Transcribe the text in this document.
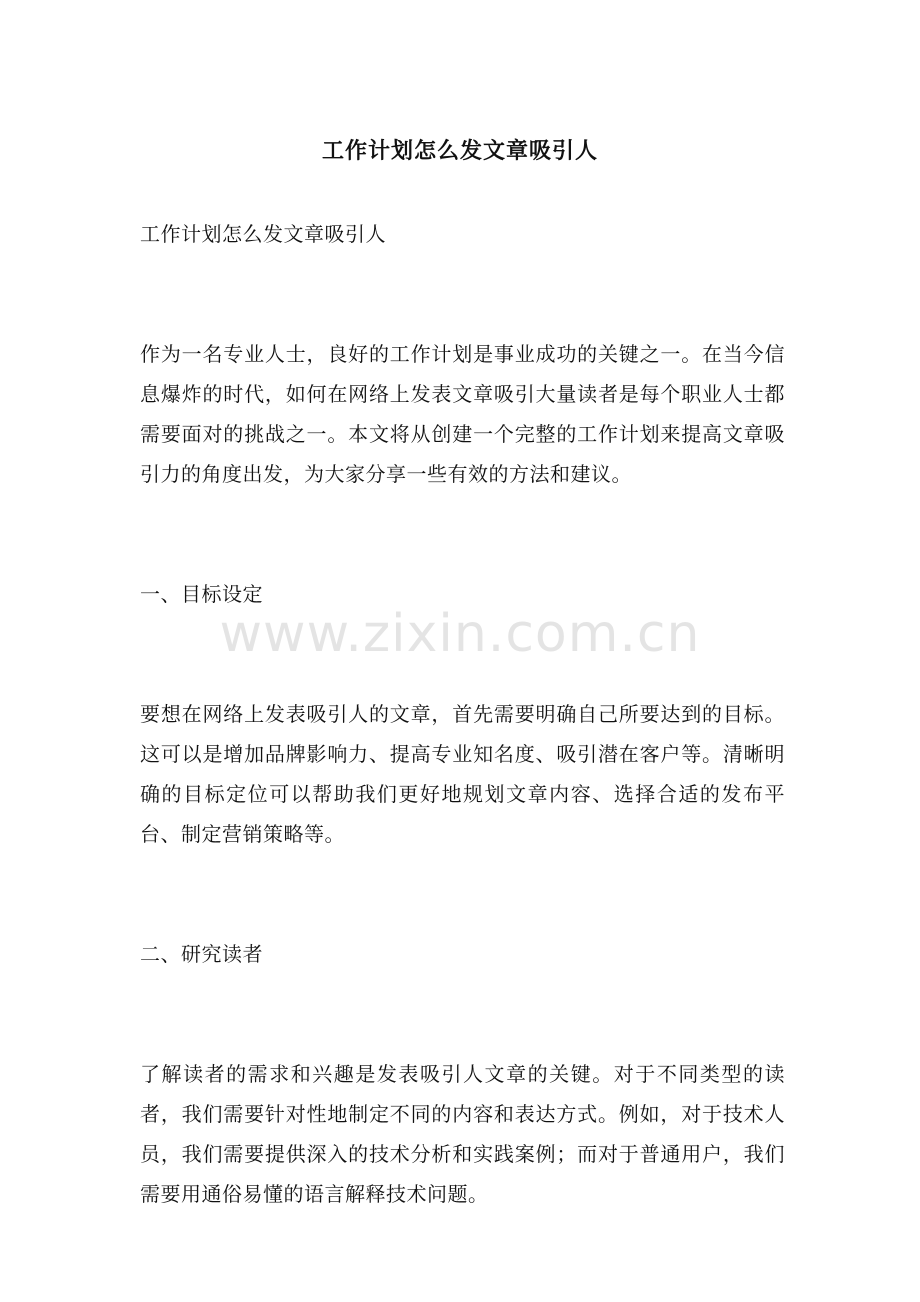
工作计划怎么发文章吸引人

工作计划怎么发文章吸引人

作为一名专业人士，良好的工作计划是事业成功的关键之一。在当今信息爆炸的时代，如何在网络上发表文章吸引大量读者是每个职业人士都需要面对的挑战之一。本文将从创建一个完整的工作计划来提高文章吸引力的角度出发，为大家分享一些有效的方法和建议。

一、目标设定

要想在网络上发表吸引人的文章，首先需要明确自己所要达到的目标。这可以是增加品牌影响力、提高专业知名度、吸引潜在客户等。清晰明确的目标定位可以帮助我们更好地规划文章内容、选择合适的发布平台、制定营销策略等。

二、研究读者

了解读者的需求和兴趣是发表吸引人文章的关键。对于不同类型的读者，我们需要针对性地制定不同的内容和表达方式。例如，对于技术人员，我们需要提供深入的技术分析和实践案例；而对于普通用户，我们需要用通俗易懂的语言解释技术问题。

www.zixin.com.cn
